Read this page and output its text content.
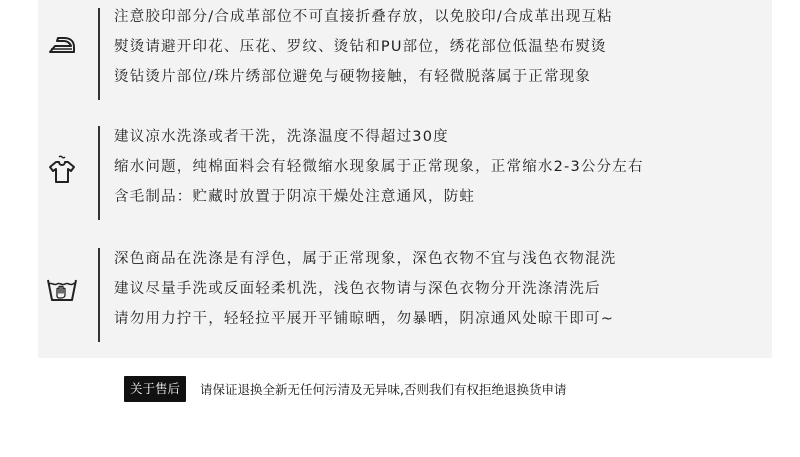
注意胶印部分/合成革部位不可直接折叠存放，以免胶印/合成革出现互粘
熨烫请避开印花、压花、罗纹、烫钻和PU部位，绣花部位低温垫布熨烫
烫钻烫片部位/珠片绣部位避免与硬物接触，有轻微脱落属于正常现象
建议凉水洗涤或者干洗，洗涤温度不得超过30度
缩水问题，纯棉面料会有轻微缩水现象属于正常现象，正常缩水2-3公分左右
含毛制品：贮藏时放置于阴凉干燥处注意通风，防蛀
深色商品在洗涤是有浮色，属于正常现象，深色衣物不宜与浅色衣物混洗
建议尽量手洗或反面轻柔机洗，浅色衣物请与深色衣物分开洗涤清洗后
请勿用力拧干，轻轻拉平展开平铺晾晒，勿暴晒，阴凉通风处晾干即可~
关于售后	请保证退换全新无任何污清及无异味,否则我们有权拒绝退换货申请
